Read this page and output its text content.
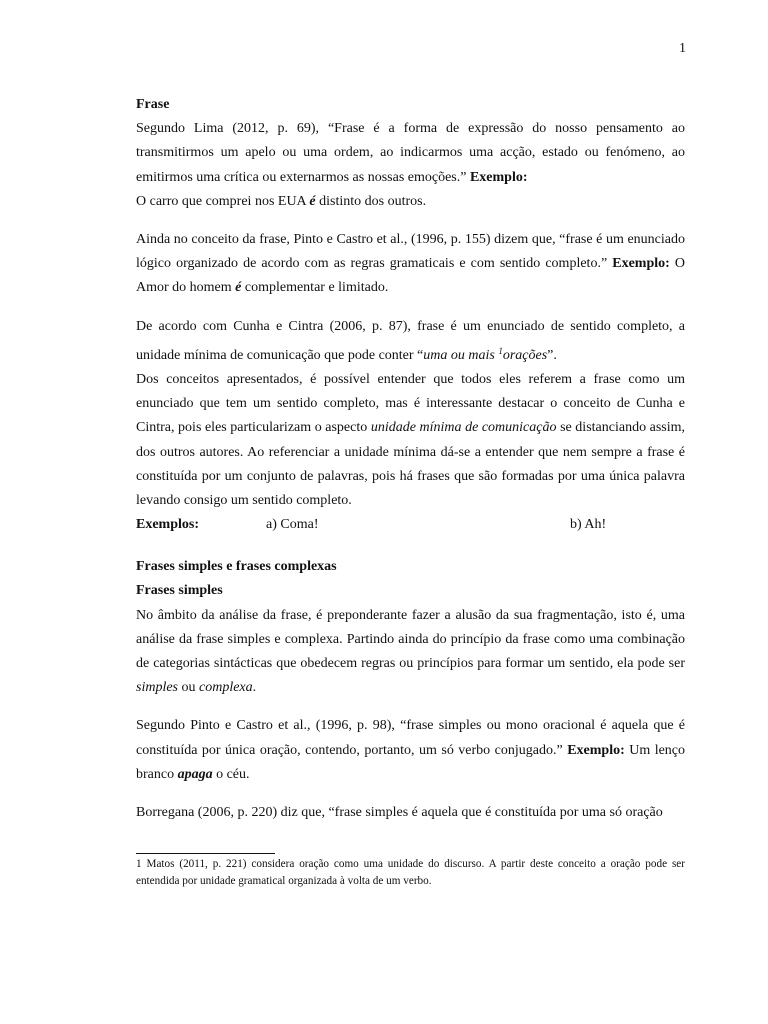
1

Frase

Segundo Lima (2012, p. 69), “Frase é a forma de expressão do nosso pensamento ao transmitirmos um apelo ou uma ordem, ao indicarmos uma acção, estado ou fenómeno, ao emitirmos uma crítica ou externarmos as nossas emoções.” Exemplo:

O carro que comprei nos EUA é distinto dos outros.

Ainda no conceito da frase, Pinto e Castro et al., (1996, p. 155) dizem que, “frase é um enunciado lógico organizado de acordo com as regras gramaticais e com sentido completo.” Exemplo: O Amor do homem é complementar e limitado.

De acordo com Cunha e Cintra (2006, p. 87), frase é um enunciado de sentido completo, a unidade mínima de comunicação que pode conter “uma ou mais $^1$orações”.

Dos conceitos apresentados, é possível entender que todos eles referem a frase como um enunciado que tem um sentido completo, mas é interessante destacar o conceito de Cunha e Cintra, pois eles particularizam o aspecto unidade mínima de comunicação se distanciando assim, dos outros autores. Ao referenciar a unidade mínima dá-se a entender que nem sempre a frase é constituída por um conjunto de palavras, pois há frases que são formadas por uma única palavra levando consigo um sentido completo.

Exemplos:	a) Coma!	b) Ah!

Frases simples e frases complexas

Frases simples

No âmbito da análise da frase, é preponderante fazer a alusão da sua fragmentação, isto é, uma análise da frase simples e complexa. Partindo ainda do princípio da frase como uma combinação de categorias sintácticas que obedecem regras ou princípios para formar um sentido, ela pode ser simples ou complexa.

Segundo Pinto e Castro et al., (1996, p. 98), “frase simples ou mono oracional é aquela que é constituída por única oração, contendo, portanto, um só verbo conjugado.” Exemplo: Um lenço branco apaga o céu.

Borregana (2006, p. 220) diz que, “frase simples é aquela que é constituída por uma só oração

1 Matos (2011, p. 221) considera oração como uma unidade do discurso. A partir deste conceito a oração pode ser entendida por unidade gramatical organizada à volta de um verbo.
